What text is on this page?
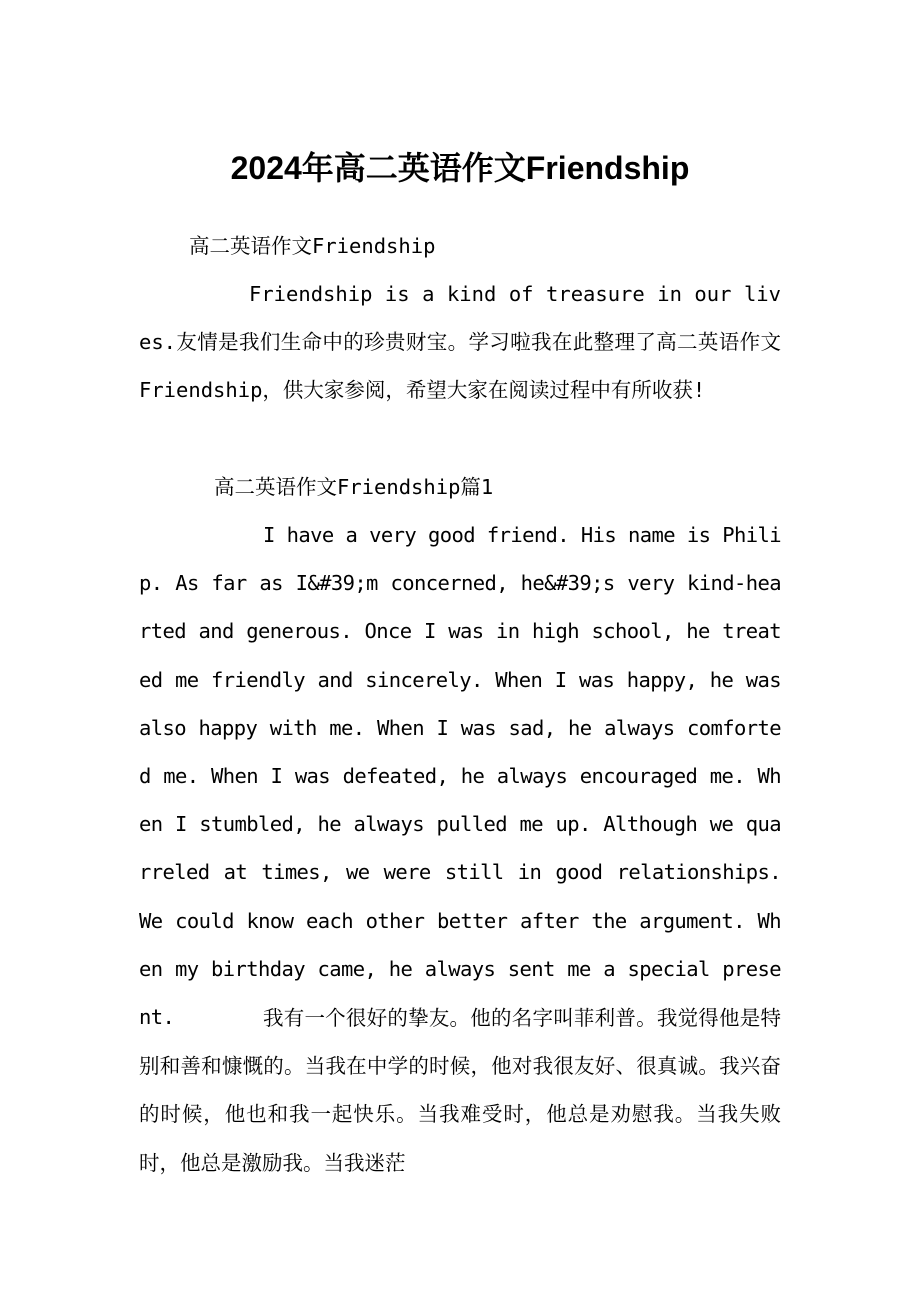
2024年高二英语作文Friendship

高二英语作文Friendship

Friendship is a kind of treasure in our lives.友情是我们生命中的珍贵财宝。学习啦我在此整理了高二英语作文Friendship，供大家参阅，希望大家在阅读过程中有所收获!

高二英语作文Friendship篇1

I have a very good friend. His name is Philip. As far as I&#39;m concerned, he&#39;s very kind-hearted and generous. Once I was in high school, he treated me friendly and sincerely. When I was happy, he was also happy with me. When I was sad, he always comforted me. When I was defeated, he always encouraged me. When I stumbled, he always pulled me up. Although we quarreled at times, we were still in good relationships. We could know each other better after the argument. When my birthday came, he always sent me a special present.	我有一个很好的挚友。他的名字叫菲利普。我觉得他是特别和善和慷慨的。当我在中学的时候，他对我很友好、很真诚。我兴奋的时候，他也和我一起快乐。当我难受时，他总是劝慰我。当我失败时，他总是激励我。当我迷茫
